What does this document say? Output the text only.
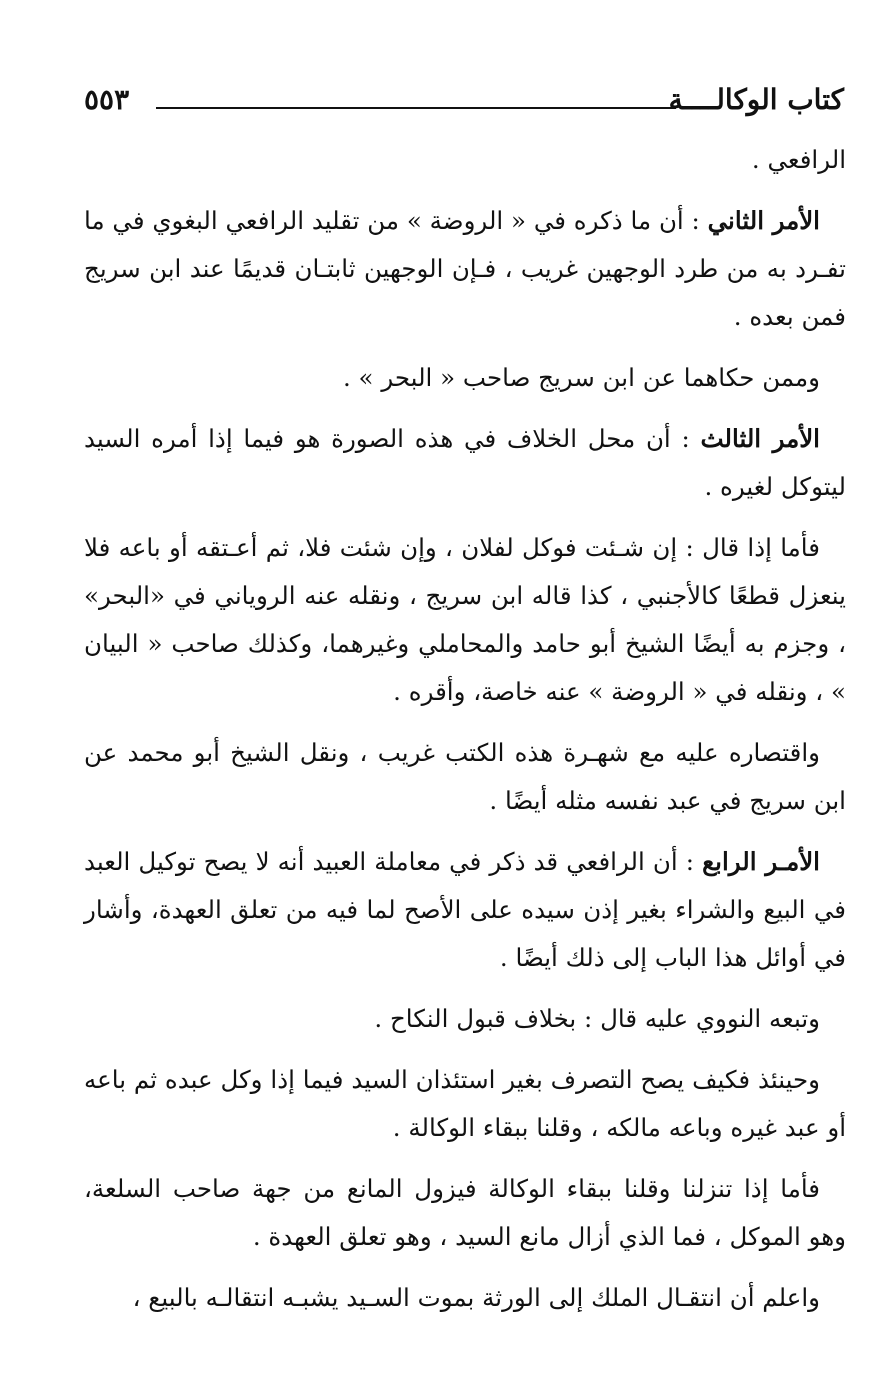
كتاب الوكالــــة
٥٥٣

الرافعي .

الأمر الثاني : أن ما ذكره في « الروضة » من تقليد الرافعي البغوي في ما تفـرد به من طرد الوجهين غريب ، فـإن الوجهين ثابتـان قديمًا عند ابن سريج فمن بعده .

وممن حكاهما عن ابن سريج صاحب « البحر » .

الأمر الثالث : أن محل الخلاف في هذه الصورة هو فيما إذا أمره السيد ليتوكل لغيره .

فأما إذا قال : إن شـئت فوكل لفلان ، وإن شئت فلا، ثم أعـتقه أو باعه فلا ينعزل قطعًا كالأجنبي ، كذا قاله ابن سريج ، ونقله عنه الروياني في «البحر» ، وجزم به أيضًا الشيخ أبو حامد والمحاملي وغيرهما، وكذلك صاحب « البيان » ، ونقله في « الروضة » عنه خاصة، وأقره .

واقتصاره عليه مع شهـرة هذه الكتب غريب ، ونقل الشيخ أبو محمد عن ابن سريج في عبد نفسه مثله أيضًا .

الأمـر الرابع : أن الرافعي قد ذكر في معاملة العبيد أنه لا يصح توكيل العبد في البيع والشراء بغير إذن سيده على الأصح لما فيه من تعلق العهدة، وأشار في أوائل هذا الباب إلى ذلك أيضًا .

وتبعه النووي عليه قال : بخلاف قبول النكاح .

وحينئذ فكيف يصح التصرف بغير استئذان السيد فيما إذا وكل عبده ثم باعه أو عبد غيره وباعه مالكه ، وقلنا ببقاء الوكالة .

فأما إذا تنزلنا وقلنا ببقاء الوكالة فيزول المانع من جهة صاحب السلعة، وهو الموكل ، فما الذي أزال مانع السيد ، وهو تعلق العهدة .

واعلم أن انتقـال الملك إلى الورثة بموت السـيد يشبـه انتقالـه بالبيع ،
